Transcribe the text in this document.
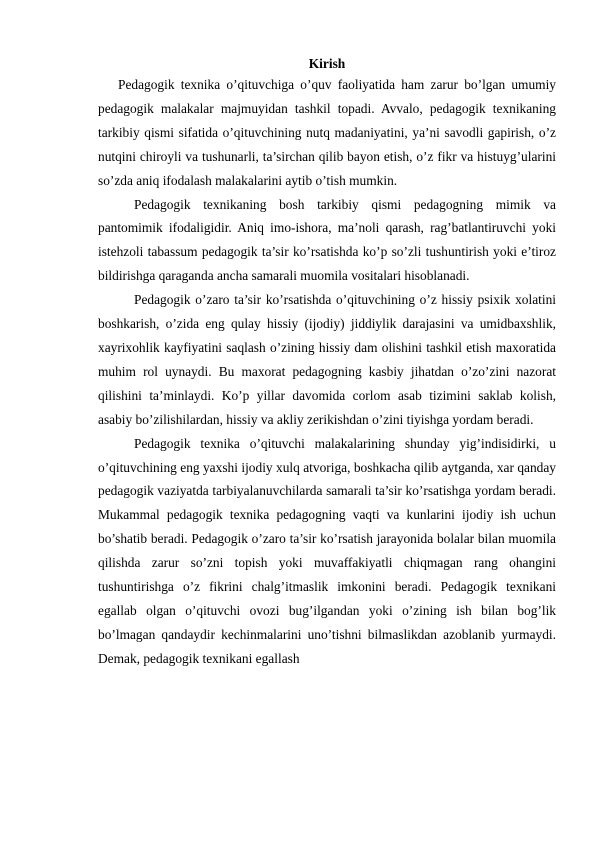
Kirish

Pedagogik texnika o’qituvchiga o’quv faoliyatida ham zarur bo’lgan umumiy pedagogik malakalar majmuyidan tashkil topadi. Avvalo, pedagogik texnikaning tarkibiy qismi sifatida o’qituvchining nutq madaniyatini, ya’ni savodli gapirish, o’z nutqini chiroyli va tushunarli, ta’sirchan qilib bayon etish, o’z fikr va histuyg’ularini so’zda aniq ifodalash malakalarini aytib o’tish mumkin.

Pedagogik texnikaning bosh tarkibiy qismi pedagogning mimik va pantomimik ifodaligidir. Aniq imo-ishora, ma’noli qarash, rag’batlantiruvchi yoki istehzoli tabassum pedagogik ta’sir ko’rsatishda ko’p so’zli tushuntirish yoki e’tiroz bildirishga qaraganda ancha samarali muomila vositalari hisoblanadi.

Pedagogik o’zaro ta’sir ko’rsatishda o’qituvchining o’z hissiy psixik xolatini boshkarish, o’zida eng qulay hissiy (ijodiy) jiddiylik darajasini va umidbaxshlik, xayrixohlik kayfiyatini saqlash o’zining hissiy dam olishini tashkil etish maxoratida muhim rol uynaydi. Bu maxorat pedagogning kasbiy jihatdan o’zo’zini nazorat qilishini ta’minlaydi. Ko’p yillar davomida corlom asab tizimini saklab kolish, asabiy bo’zilishilardan, hissiy va akliy zerikishdan o’zini tiyishga yordam beradi.

Pedagogik texnika o’qituvchi malakalarining shunday yig’indisidirki, u o’qituvchining eng yaxshi ijodiy xulq atvoriga, boshkacha qilib aytganda, xar qanday pedagogik vaziyatda tarbiyalanuvchilarda samarali ta’sir ko’rsatishga yordam beradi. Mukammal pedagogik texnika pedagogning vaqti va kunlarini ijodiy ish uchun bo’shatib beradi. Pedagogik o’zaro ta’sir ko’rsatish jarayonida bolalar bilan muomila qilishda zarur so’zni topish yoki muvaffakiyatli chiqmagan rang ohangini tushuntirishga o’z fikrini chalg’itmaslik imkonini beradi. Pedagogik texnikani egallab olgan o’qituvchi ovozi bug’ilgandan yoki o’zining ish bilan bog’lik bo’lmagan qandaydir kechinmalarini uno’tishni bilmaslikdan azoblanib yurmaydi. Demak, pedagogik texnikani egallash
